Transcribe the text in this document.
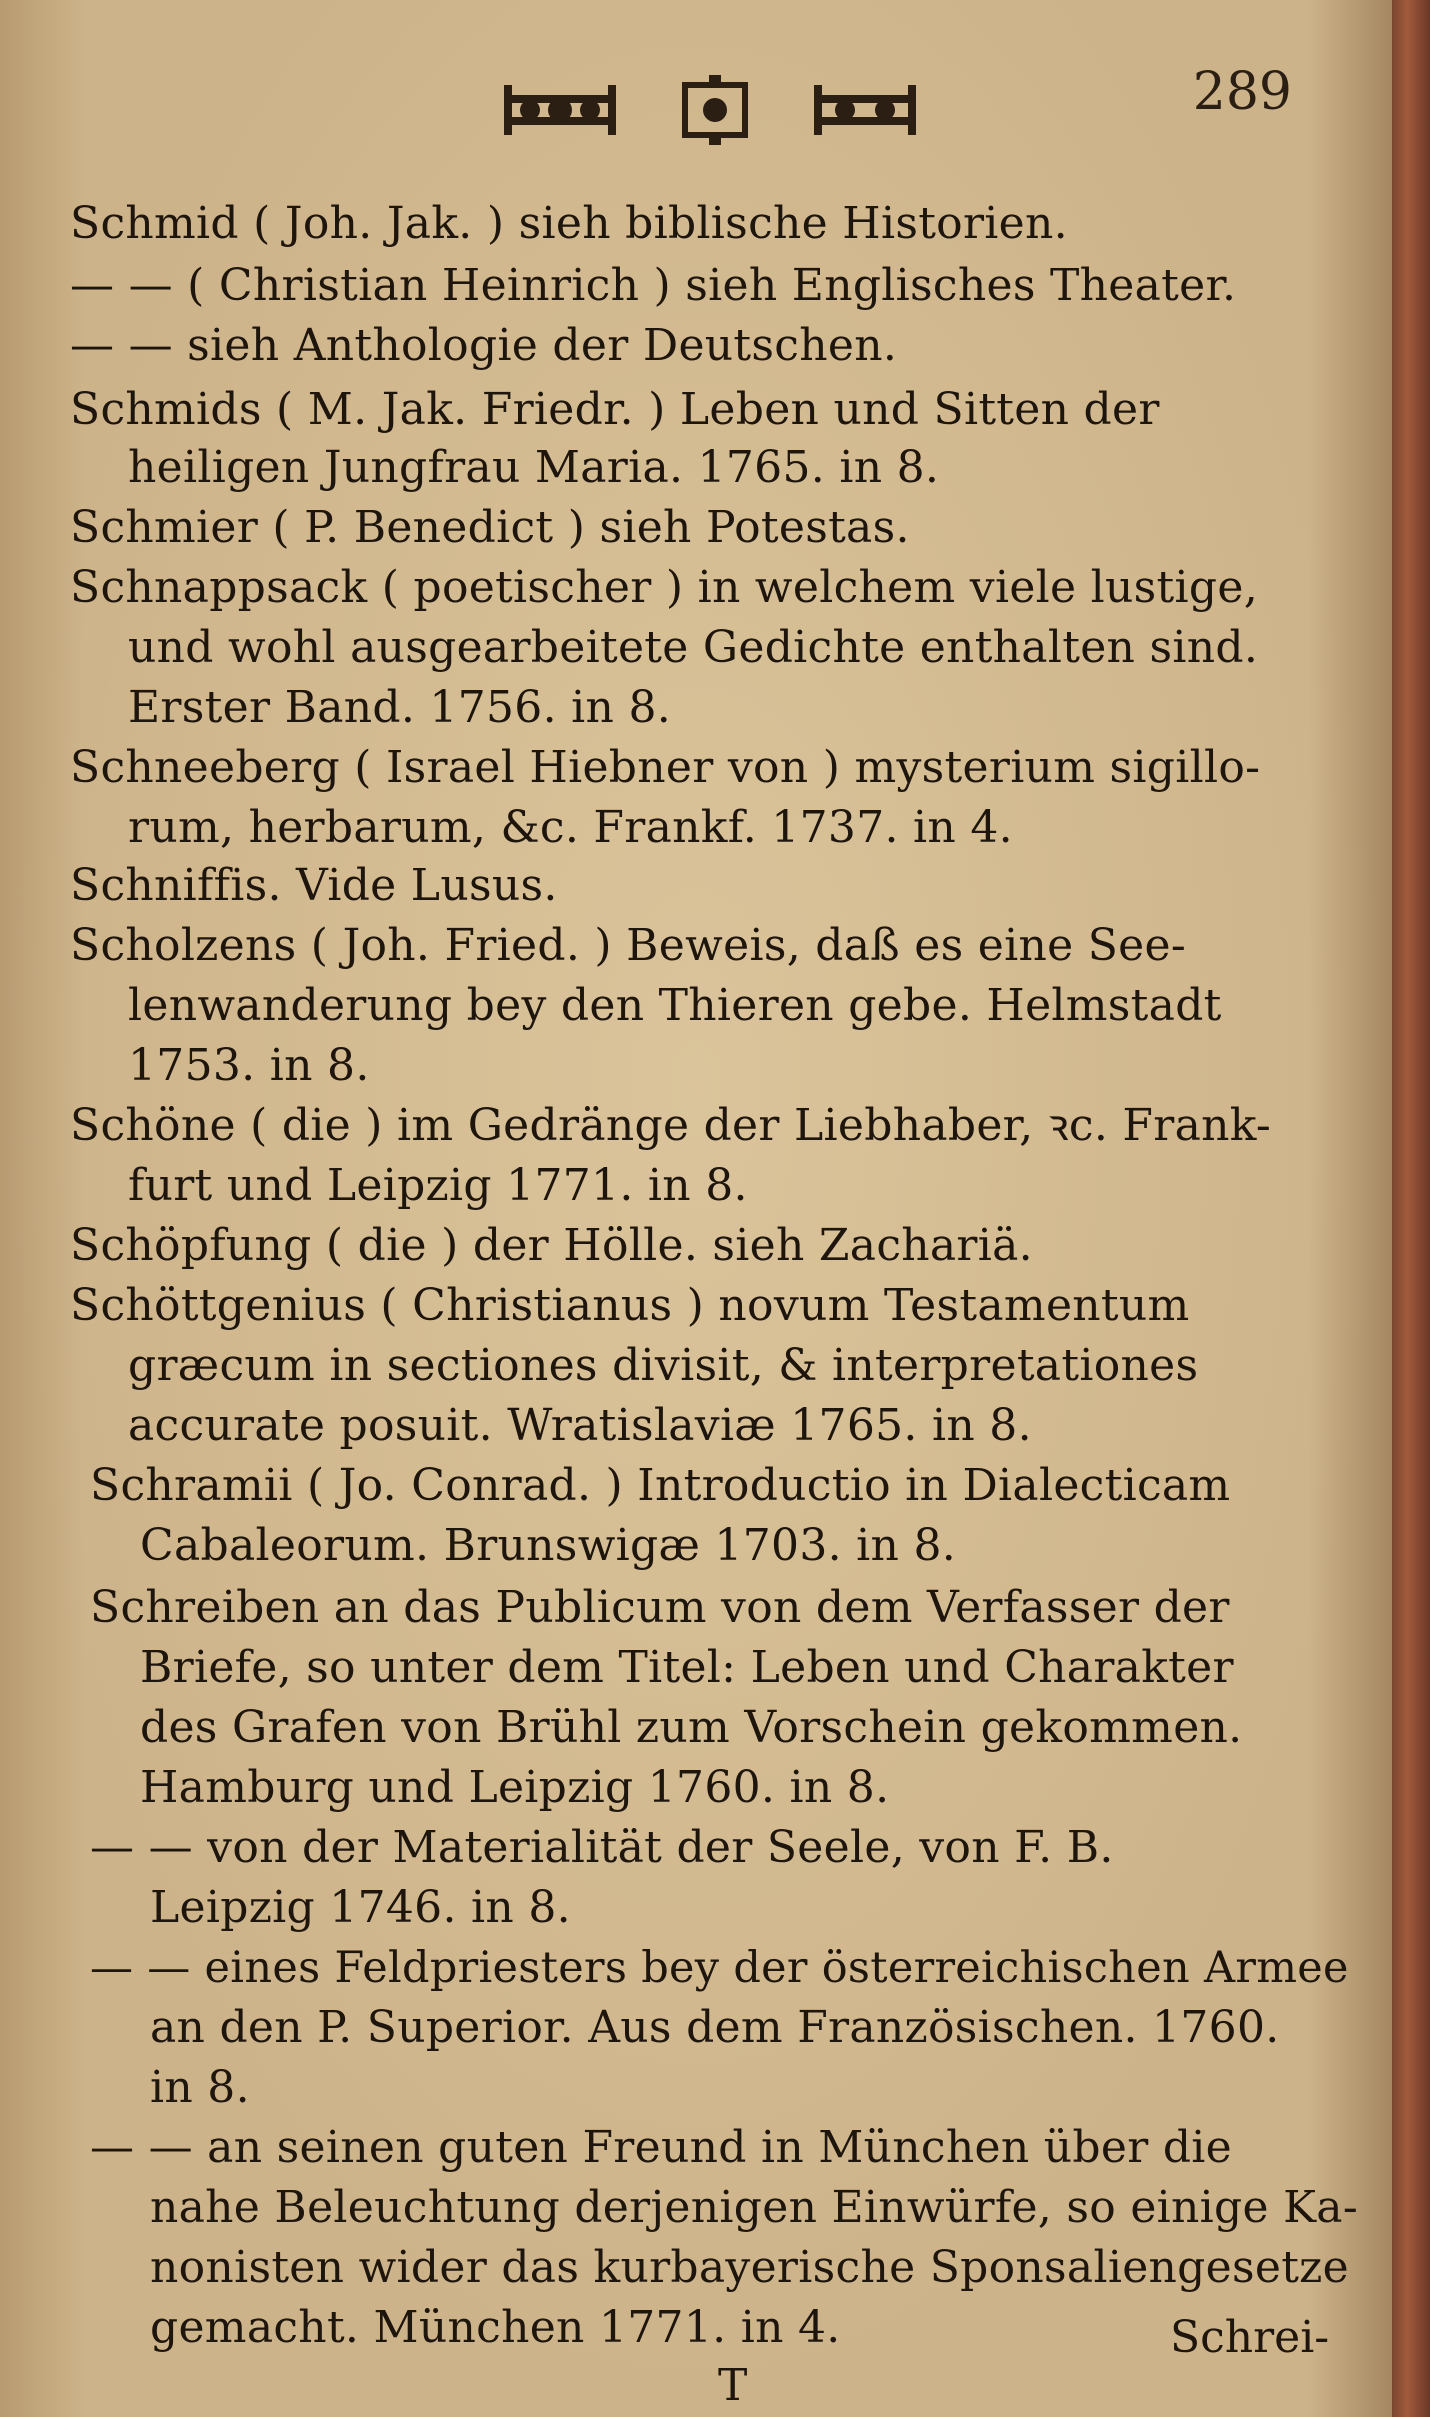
289
Schmid ( Joh. Jak. ) sieh biblische Historien.
— — ( Christian Heinrich ) sieh Englisches Theater.
— — sieh Anthologie der Deutschen.
Schmids ( M. Jak. Friedr. ) Leben und Sitten der
heiligen Jungfrau Maria. 1765. in 8.
Schmier ( P. Benedict ) sieh Potestas.
Schnappsack ( poetischer ) in welchem viele lustige,
und wohl ausgearbeitete Gedichte enthalten sind.
Erster Band. 1756. in 8.
Schneeberg ( Israel Hiebner von ) mysterium sigillo-
rum, herbarum, &c. Frankf. 1737. in 4.
Schniffis. Vide Lusus.
Scholzens ( Joh. Fried. ) Beweis, daß es eine See-
lenwanderung bey den Thieren gebe. Helmstadt
1753. in 8.
Schöne ( die ) im Gedränge der Liebhaber, ꝛc. Frank-
furt und Leipzig 1771. in 8.
Schöpfung ( die ) der Hölle. sieh Zachariä.
Schöttgenius ( Christianus ) novum Testamentum
græcum in sectiones divisit, & interpretationes
accurate posuit. Wratislaviæ 1765. in 8.
Schramii ( Jo. Conrad. ) Introductio in Dialecticam
Cabaleorum. Brunswigæ 1703. in 8.
Schreiben an das Publicum von dem Verfasser der
Briefe, so unter dem Titel: Leben und Charakter
des Grafen von Brühl zum Vorschein gekommen.
Hamburg und Leipzig 1760. in 8.
— — von der Materialität der Seele, von F. B.
Leipzig 1746. in 8.
— — eines Feldpriesters bey der österreichischen Armee
an den P. Superior. Aus dem Französischen. 1760.
in 8.
— — an seinen guten Freund in München über die
nahe Beleuchtung derjenigen Einwürfe, so einige Ka-
nonisten wider das kurbayerische Sponsaliengesetze
gemacht. München 1771. in 4.
T
Schrei-
